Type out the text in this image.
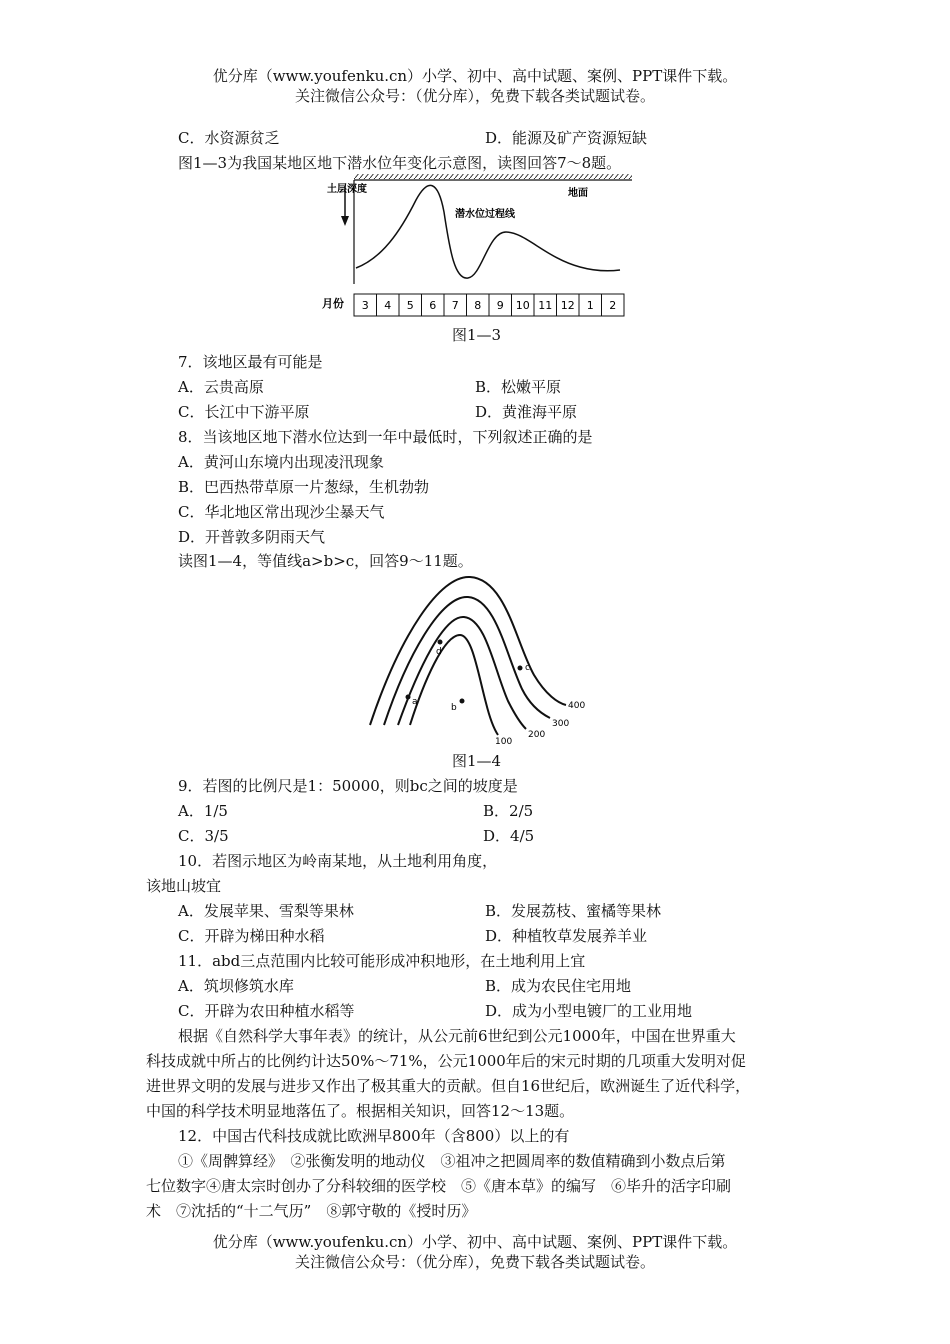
优分库（www.youfenku.cn）小学、初中、高中试题、案例、PPT课件下载。
关注微信公众号：（优分库），免费下载各类试题试卷。
C．水资源贫乏	D．能源及矿产资源短缺
图1—3为我国某地区地下潜水位年变化示意图，读图回答7～8题。
土层深度	地面
潜水位过程线
月份 3 4 5 6 7 8 9 10 11 12 1 2
图1—3
7．该地区最有可能是
A．云贵高原	B．松嫩平原
C．长江中下游平原	D．黄淮海平原
8．当该地区地下潜水位达到一年中最低时，下列叙述正确的是
A．黄河山东境内出现凌汛现象
B．巴西热带草原一片葱绿，生机勃勃
C．华北地区常出现沙尘暴天气
D．开普敦多阴雨天气
读图1—4，等值线a>b>c，回答9～11题。
a
b
c
d
100
200
300
400
图1—4
9．若图的比例尺是1：50000，则bc之间的坡度是
A．1/5	B．2/5
C．3/5	D．4/5
10．若图示地区为岭南某地，从土地利用角度，
该地山坡宜
A．发展苹果、雪梨等果林	B．发展荔枝、蜜橘等果林
C．开辟为梯田种水稻	D．种植牧草发展养羊业
11．abd三点范围内比较可能形成冲积地形，在土地利用上宜
A．筑坝修筑水库	B．成为农民住宅用地
C．开辟为农田种植水稻等	D．成为小型电镀厂的工业用地
根据《自然科学大事年表》的统计，从公元前6世纪到公元1000年，中国在世界重大
科技成就中所占的比例约计达50%～71%，公元1000年后的宋元时期的几项重大发明对促
进世界文明的发展与进步又作出了极其重大的贡献。但自16世纪后，欧洲诞生了近代科学，
中国的科学技术明显地落伍了。根据相关知识，回答12～13题。
12．中国古代科技成就比欧洲早800年（含800）以上的有
①《周髀算经》　②张衡发明的地动仪　③祖冲之把圆周率的数值精确到小数点后第
七位数字④唐太宗时创办了分科较细的医学校　⑤《唐本草》的编写　⑥毕升的活字印刷
术　⑦沈括的“十二气历”　⑧郭守敬的《授时历》
优分库（www.youfenku.cn）小学、初中、高中试题、案例、PPT课件下载。
关注微信公众号：（优分库），免费下载各类试题试卷。
